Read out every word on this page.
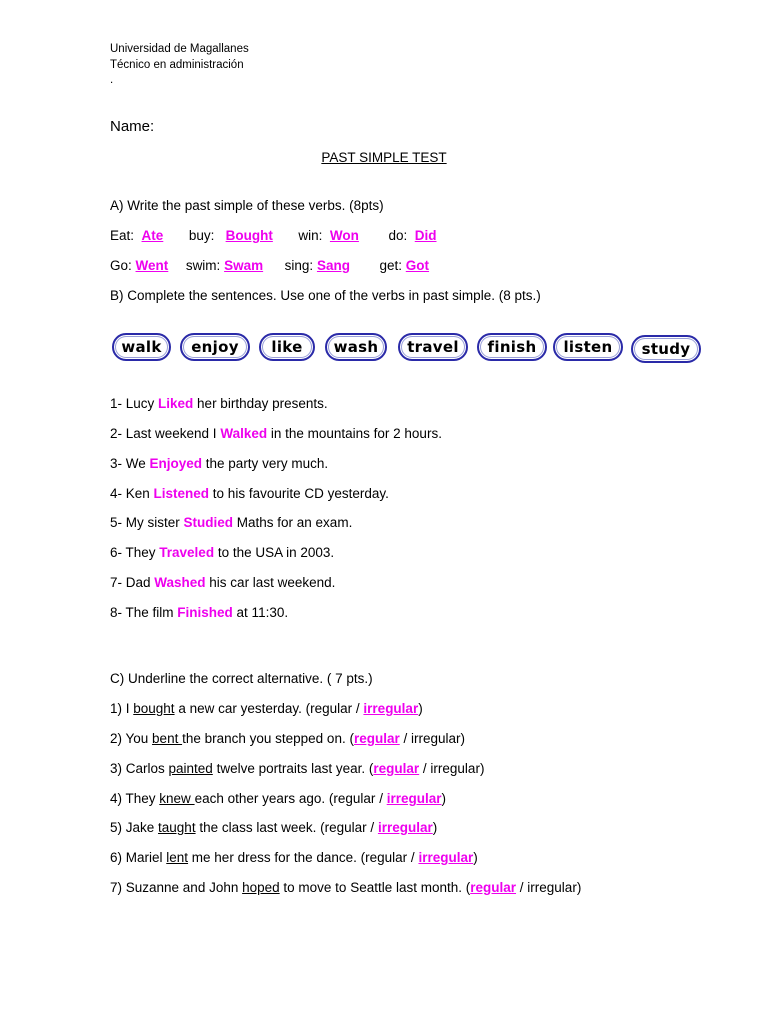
Universidad de Magallanes
Técnico en administración
.
Name:
PAST SIMPLE TEST
A) Write the past simple of these verbs. (8pts)
Eat: Ate buy: Bought win: Won do: Did
Go: Went swim: Swam sing: Sang get: Got
B) Complete the sentences. Use one of the verbs in past simple. (8 pts.)
walk	enjoy	like	wash	travel	finish	listen	study
1- Lucy Liked her birthday presents.
2- Last weekend I Walked in the mountains for 2 hours.
3- We Enjoyed the party very much.
4- Ken Listened to his favourite CD yesterday.
5- My sister Studied Maths for an exam.
6- They Traveled to the USA in 2003.
7- Dad Washed his car last weekend.
8- The film Finished at 11:30.
C) Underline the correct alternative. ( 7 pts.)
1) I bought a new car yesterday. (regular / irregular)
2) You bent the branch you stepped on. (regular / irregular)
3) Carlos painted twelve portraits last year. (regular / irregular)
4) They knew each other years ago. (regular / irregular)
5) Jake taught the class last week. (regular / irregular)
6) Mariel lent me her dress for the dance. (regular / irregular)
7) Suzanne and John hoped to move to Seattle last month. (regular / irregular)
